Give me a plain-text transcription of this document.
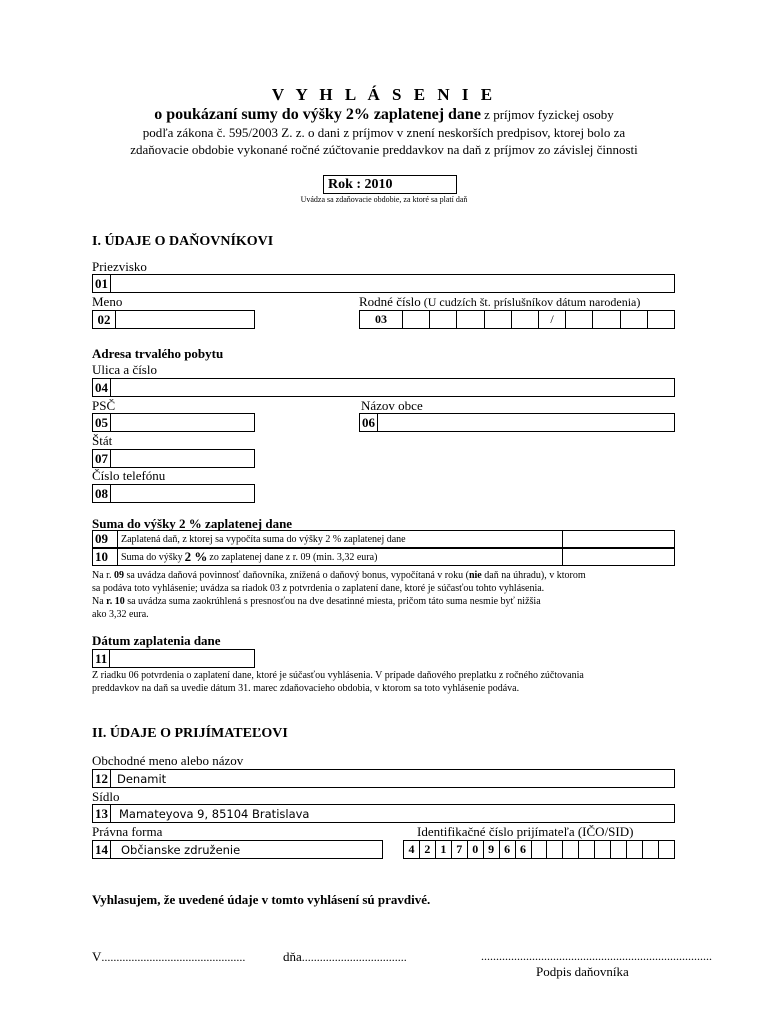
V Y H L Á S E N I E
o poukázaní sumy do výšky 2% zaplatenej dane z príjmov fyzickej osoby
podľa zákona č. 595/2003 Z. z. o dani z príjmov v znení neskorších predpisov, ktorej bolo za
zdaňovacie obdobie vykonané ročné zúčtovanie preddavkov na daň z príjmov zo závislej činnosti
Rok : 2010
Uvádza sa zdaňovacie obdobie, za ktoré sa platí daň
I. ÚDAJE O DAŇOVNÍKOVI
Priezvisko
01
Meno
02
Rodné číslo (U cudzích št. príslušníkov dátum narodenia)
03	/
Adresa trvalého pobytu
Ulica a číslo
04
PSČ
05
Názov obce
06
Štát
07
Číslo telefónu
08
Suma do výšky 2 % zaplatenej dane
09	Zaplatená daň, z ktorej sa vypočíta suma do výšky 2 % zaplatenej dane
10	Suma do výšky 2 % zo zaplatenej dane z r. 09 (min. 3,32 eura)
Na r. 09 sa uvádza daňová povinnosť daňovníka, znížená o daňový bonus, vypočítaná v roku (nie daň na úhradu), v ktorom
sa podáva toto vyhlásenie; uvádza sa riadok 03 z potvrdenia o zaplatení dane, ktoré je súčasťou tohto vyhlásenia.
Na r. 10 sa uvádza suma zaokrúhlená s presnosťou na dve desatinné miesta, pričom táto suma nesmie byť nižšia
ako 3,32 eura.
Dátum zaplatenia dane
11
Z riadku 06 potvrdenia o zaplatení dane, ktoré je súčasťou vyhlásenia. V prípade daňového preplatku z ročného zúčtovania
preddavkov na daň sa uvedie dátum 31. marec zdaňovacieho obdobia, v ktorom sa toto vyhlásenie podáva.
II. ÚDAJE O PRIJÍMATEĽOVI
Obchodné meno alebo názov
12 Denamit
Sídlo
13 Mamateyova 9, 85104 Bratislava
Právna forma
14 Občianske združenie
Identifikačné číslo prijímateľa (IČO/SID)
4 2 1 7 0 9 6 6
Vyhlasujem, že uvedené údaje v tomto vyhlásení sú pravdivé.
V................................................	dňa...................................	.............................................................................
Podpis daňovníka
